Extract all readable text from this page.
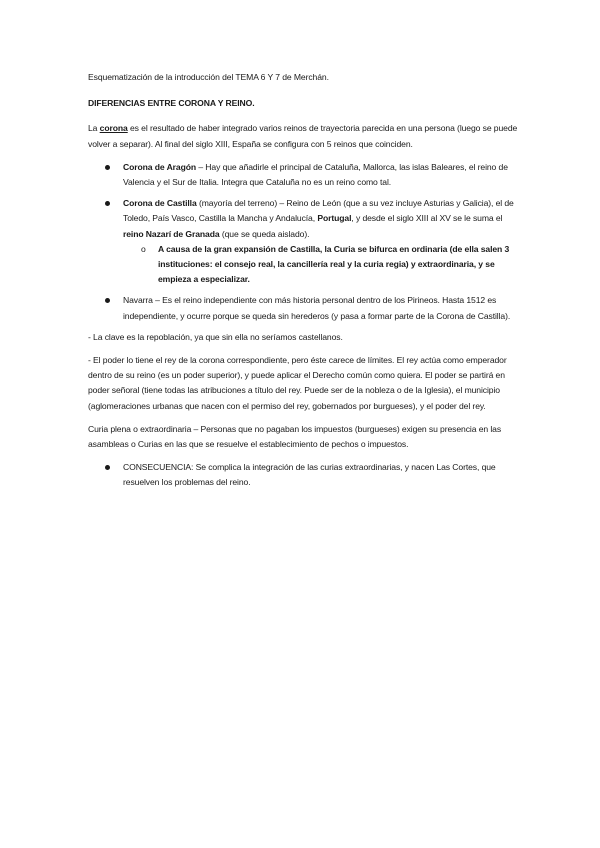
Esquematización de la introducción del TEMA 6 Y 7 de Merchán.

DIFERENCIAS ENTRE CORONA Y REINO.

La corona es el resultado de haber integrado varios reinos de trayectoria parecida en una persona (luego se puede volver a separar). Al final del siglo XIII, España se configura con 5 reinos que coinciden.

Corona de Aragón – Hay que añadirle el principal de Cataluña, Mallorca, las islas Baleares, el reino de Valencia y el Sur de Italia. Integra que Cataluña no es un reino como tal.
Corona de Castilla (mayoría del terreno) – Reino de León (que a su vez incluye Asturias y Galicia), el de Toledo, País Vasco, Castilla la Mancha y Andalucía, Portugal, y desde el siglo XIII al XV se le suma el reino Nazarí de Granada (que se queda aislado).
o A causa de la gran expansión de Castilla, la Curia se bifurca en ordinaria (de ella salen 3 instituciones: el consejo real, la cancillería real y la curia regia) y extraordinaria, y se empieza a especializar.
Navarra – Es el reino independiente con más historia personal dentro de los Pirineos. Hasta 1512 es independiente, y ocurre porque se queda sin herederos (y pasa a formar parte de la Corona de Castilla).

- La clave es la repoblación, ya que sin ella no seríamos castellanos.

- El poder lo tiene el rey de la corona correspondiente, pero éste carece de límites. El rey actúa como emperador dentro de su reino (es un poder superior), y puede aplicar el Derecho común como quiera. El poder se partirá en poder señoral (tiene todas las atribuciones a título del rey. Puede ser de la nobleza o de la Iglesia), el municipio (aglomeraciones urbanas que nacen con el permiso del rey, gobernados por burgueses), y el poder del rey.

Curia plena o extraordinaria – Personas que no pagaban los impuestos (burgueses) exigen su presencia en las asambleas o Curias en las que se resuelve el establecimiento de pechos o impuestos.

CONSECUENCIA: Se complica la integración de las curias extraordinarias, y nacen Las Cortes, que resuelven los problemas del reino.
